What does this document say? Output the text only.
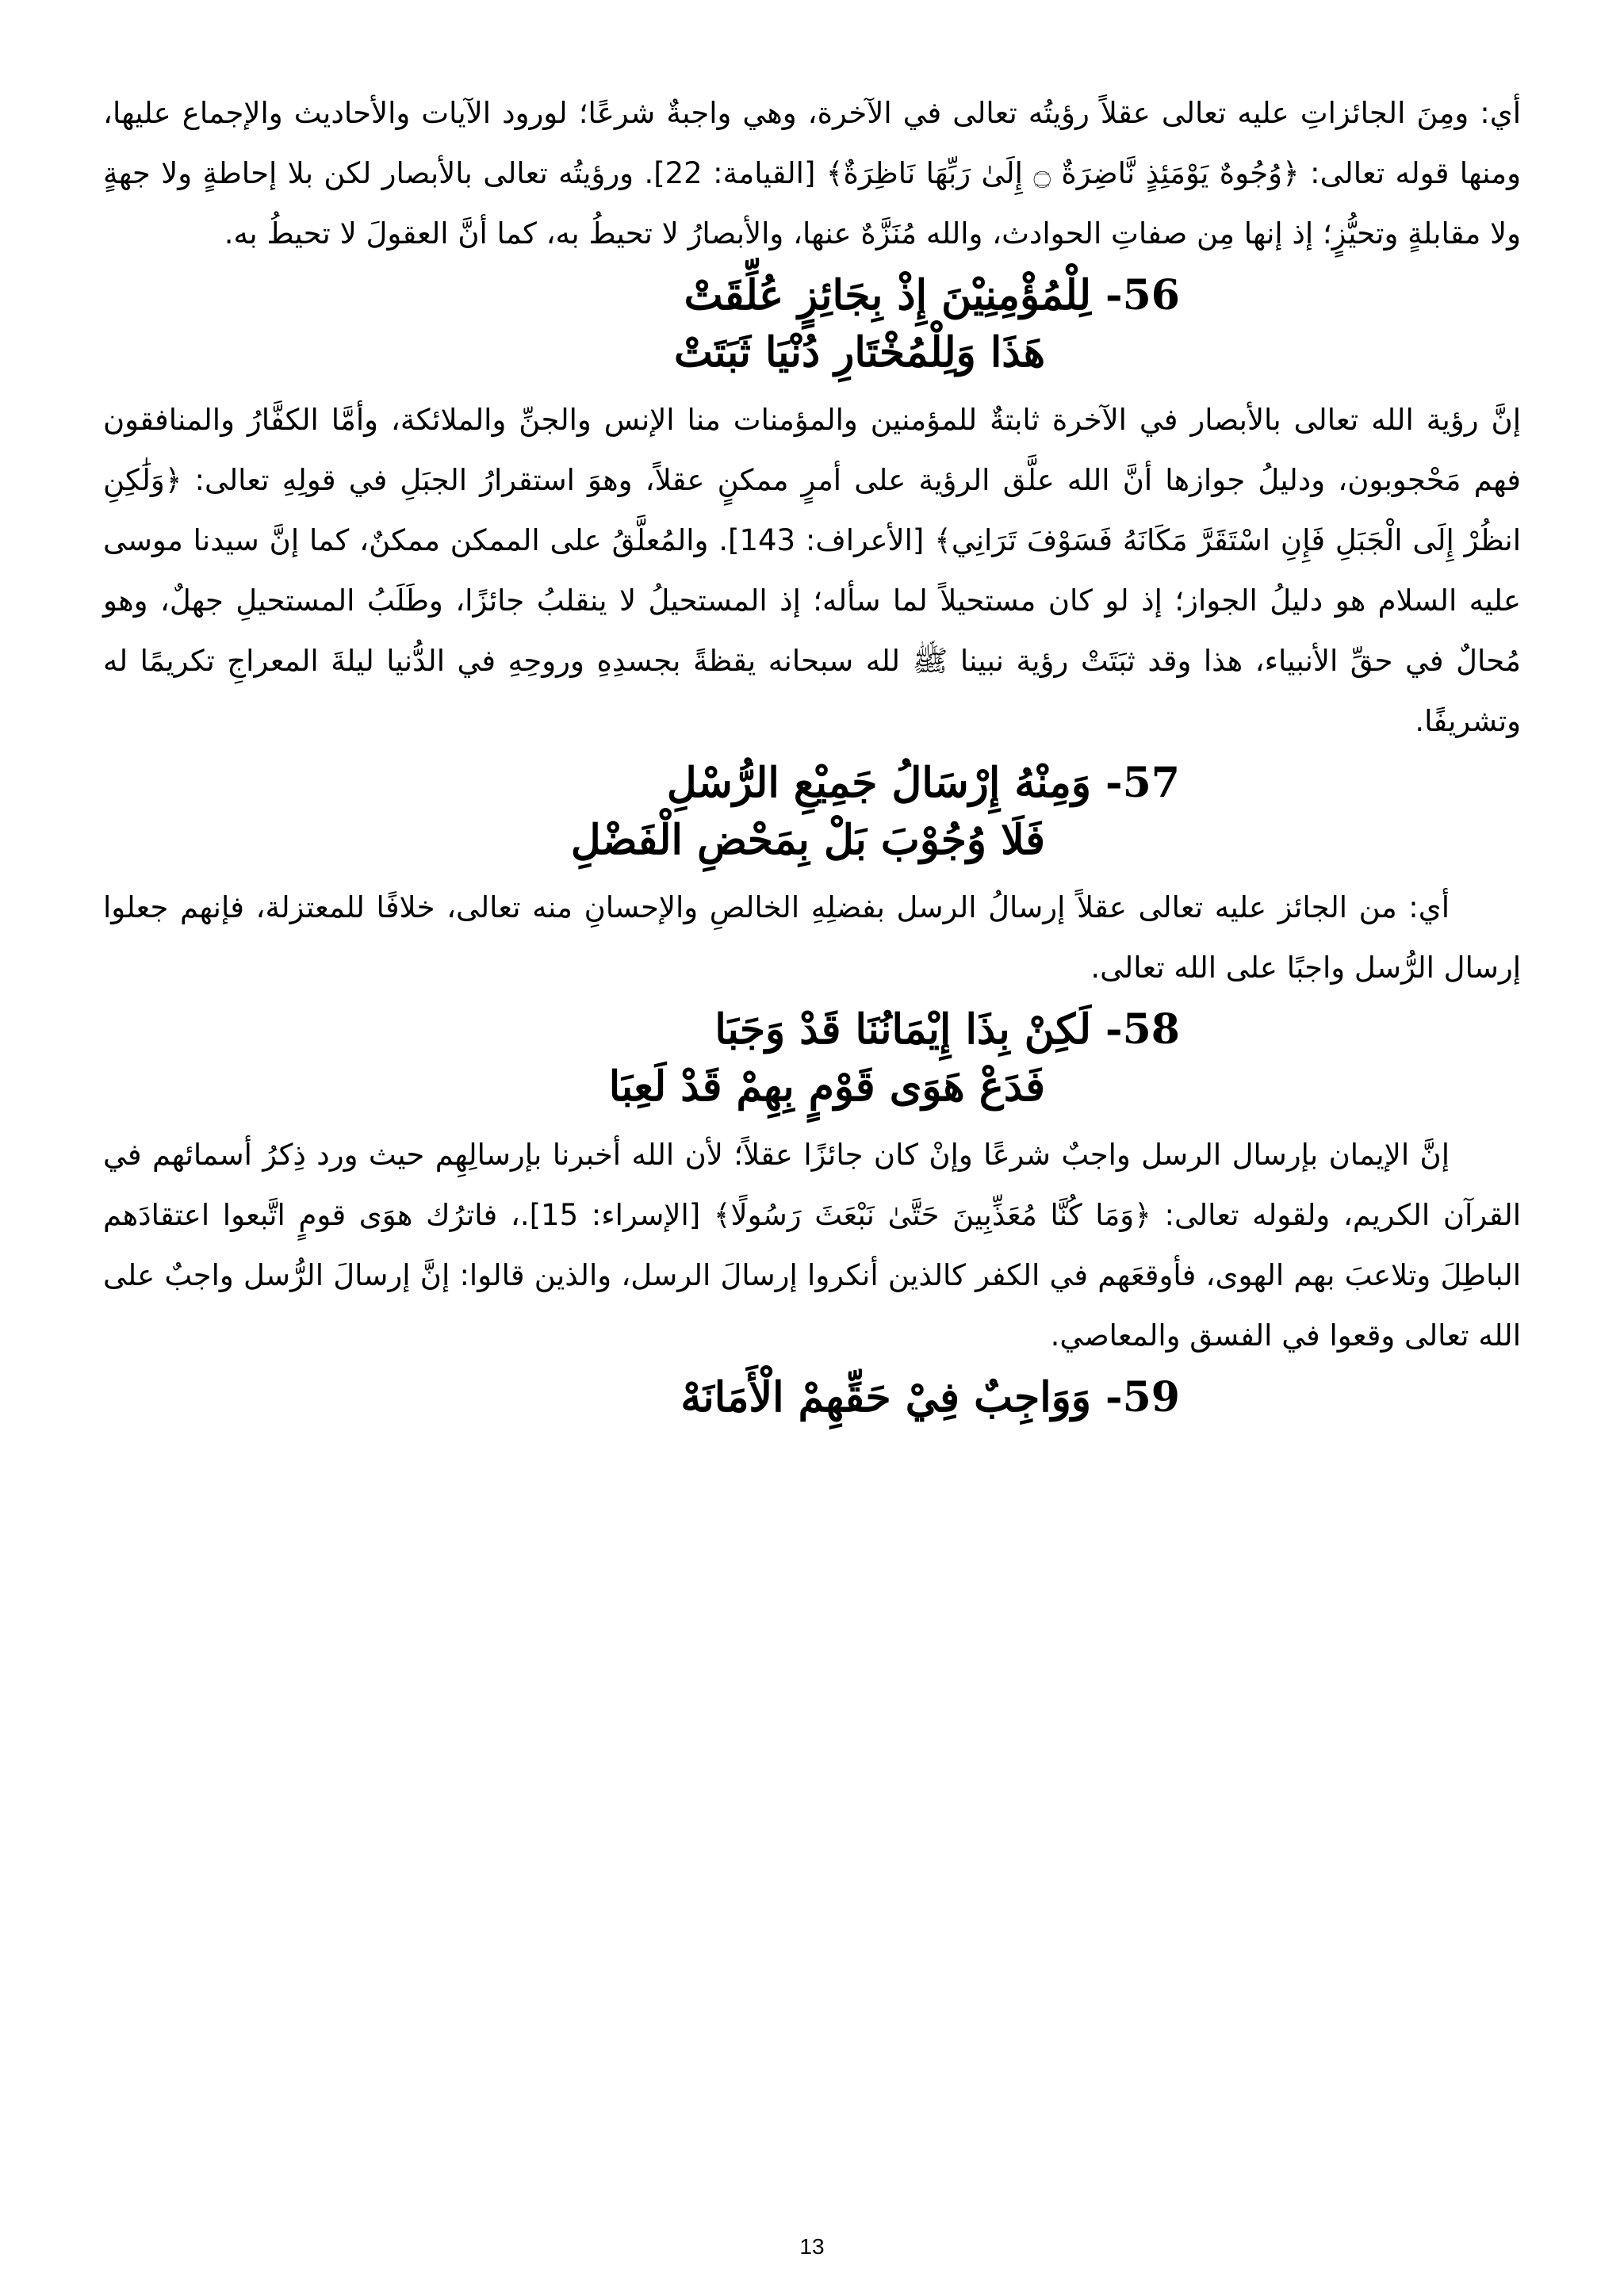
أي: ومِنَ الجائزاتِ عليه تعالى عقلاً رؤيتُه تعالى في الآخرة، وهي واجبةٌ شرعًا؛ لورود الآيات والأحاديث والإجماع عليها، ومنها قوله تعالى: ﴿وُجُوهٌ يَوْمَئِذٍ نَّاضِرَةٌ ۝ إِلَىٰ رَبِّهَا نَاظِرَةٌ﴾ [القيامة: 22]. ورؤيتُه تعالى بالأبصار لكن بلا إحاطةٍ ولا جهةٍ ولا مقابلةٍ وتحيُّزٍ؛ إذ إنها مِن صفاتِ الحوادث، والله مُنَزَّهٌ عنها، والأبصارُ لا تحيطُ به، كما أنَّ العقولَ لا تحيطُ به.

56- لِلْمُؤْمِنِيْنَ إِذْ بِجَائِزٍ عُلِّقَتْ
هَذَا وَلِلْمُخْتَارِ دُنْيَا ثَبَتَتْ

إنَّ رؤية الله تعالى بالأبصار في الآخرة ثابتةٌ للمؤمنين والمؤمنات منا الإنس والجنِّ والملائكة، وأمَّا الكفَّارُ والمنافقون فهم مَحْجوبون، ودليلُ جوازها أنَّ الله علَّق الرؤية على أمرٍ ممكنٍ عقلاً، وهوَ استقرارُ الجبَلِ في قولِهِ تعالى: ﴿وَلَٰكِنِ انظُرْ إِلَى الْجَبَلِ فَإِنِ اسْتَقَرَّ مَكَانَهُ فَسَوْفَ تَرَانِي﴾ [الأعراف: 143]. والمُعلَّقُ على الممكن ممكنٌ، كما إنَّ سيدنا موسى عليه السلام هو دليلُ الجواز؛ إذ لو كان مستحيلاً لما سأله؛ إذ المستحيلُ لا ينقلبُ جائزًا، وطَلَبُ المستحيلِ جهلٌ، وهو مُحالٌ في حقِّ الأنبياء، هذا وقد ثبَتَتْ رؤية نبينا ﷺ لله سبحانه يقظةً بجسدِهِ وروحِهِ في الدُّنيا ليلةَ المعراجِ تكريمًا له وتشريفًا.

57- وَمِنْهُ إِرْسَالُ جَمِيْعِ الرُّسْلِ
فَلَا وُجُوْبَ بَلْ بِمَحْضِ الْفَضْلِ

أي: من الجائز عليه تعالى عقلاً إرسالُ الرسل بفضلِهِ الخالصِ والإحسانِ منه تعالى، خلافًا للمعتزلة، فإنهم جعلوا إرسال الرُّسل واجبًا على الله تعالى.

58- لَكِنْ بِذَا إِيْمَانُنَا قَدْ وَجَبَا
فَدَعْ هَوَى قَوْمٍ بِهِمْ قَدْ لَعِبَا

إنَّ الإيمان بإرسال الرسل واجبٌ شرعًا وإنْ كان جائزًا عقلاً؛ لأن الله أخبرنا بإرسالِهِم حيث ورد ذِكرُ أسمائهم في القرآن الكريم، ولقوله تعالى: ﴿وَمَا كُنَّا مُعَذِّبِينَ حَتَّىٰ نَبْعَثَ رَسُولًا﴾ [الإسراء: 15].، فاترُك هوَى قومٍ اتَّبعوا اعتقادَهم الباطِلَ وتلاعبَ بهم الهوى، فأوقعَهم في الكفر كالذين أنكروا إرسالَ الرسل، والذين قالوا: إنَّ إرسالَ الرُّسل واجبٌ على الله تعالى وقعوا في الفسق والمعاصي.

59- وَوَاجِبٌ فِيْ حَقِّهِمْ الْأَمَانَهْ
13
